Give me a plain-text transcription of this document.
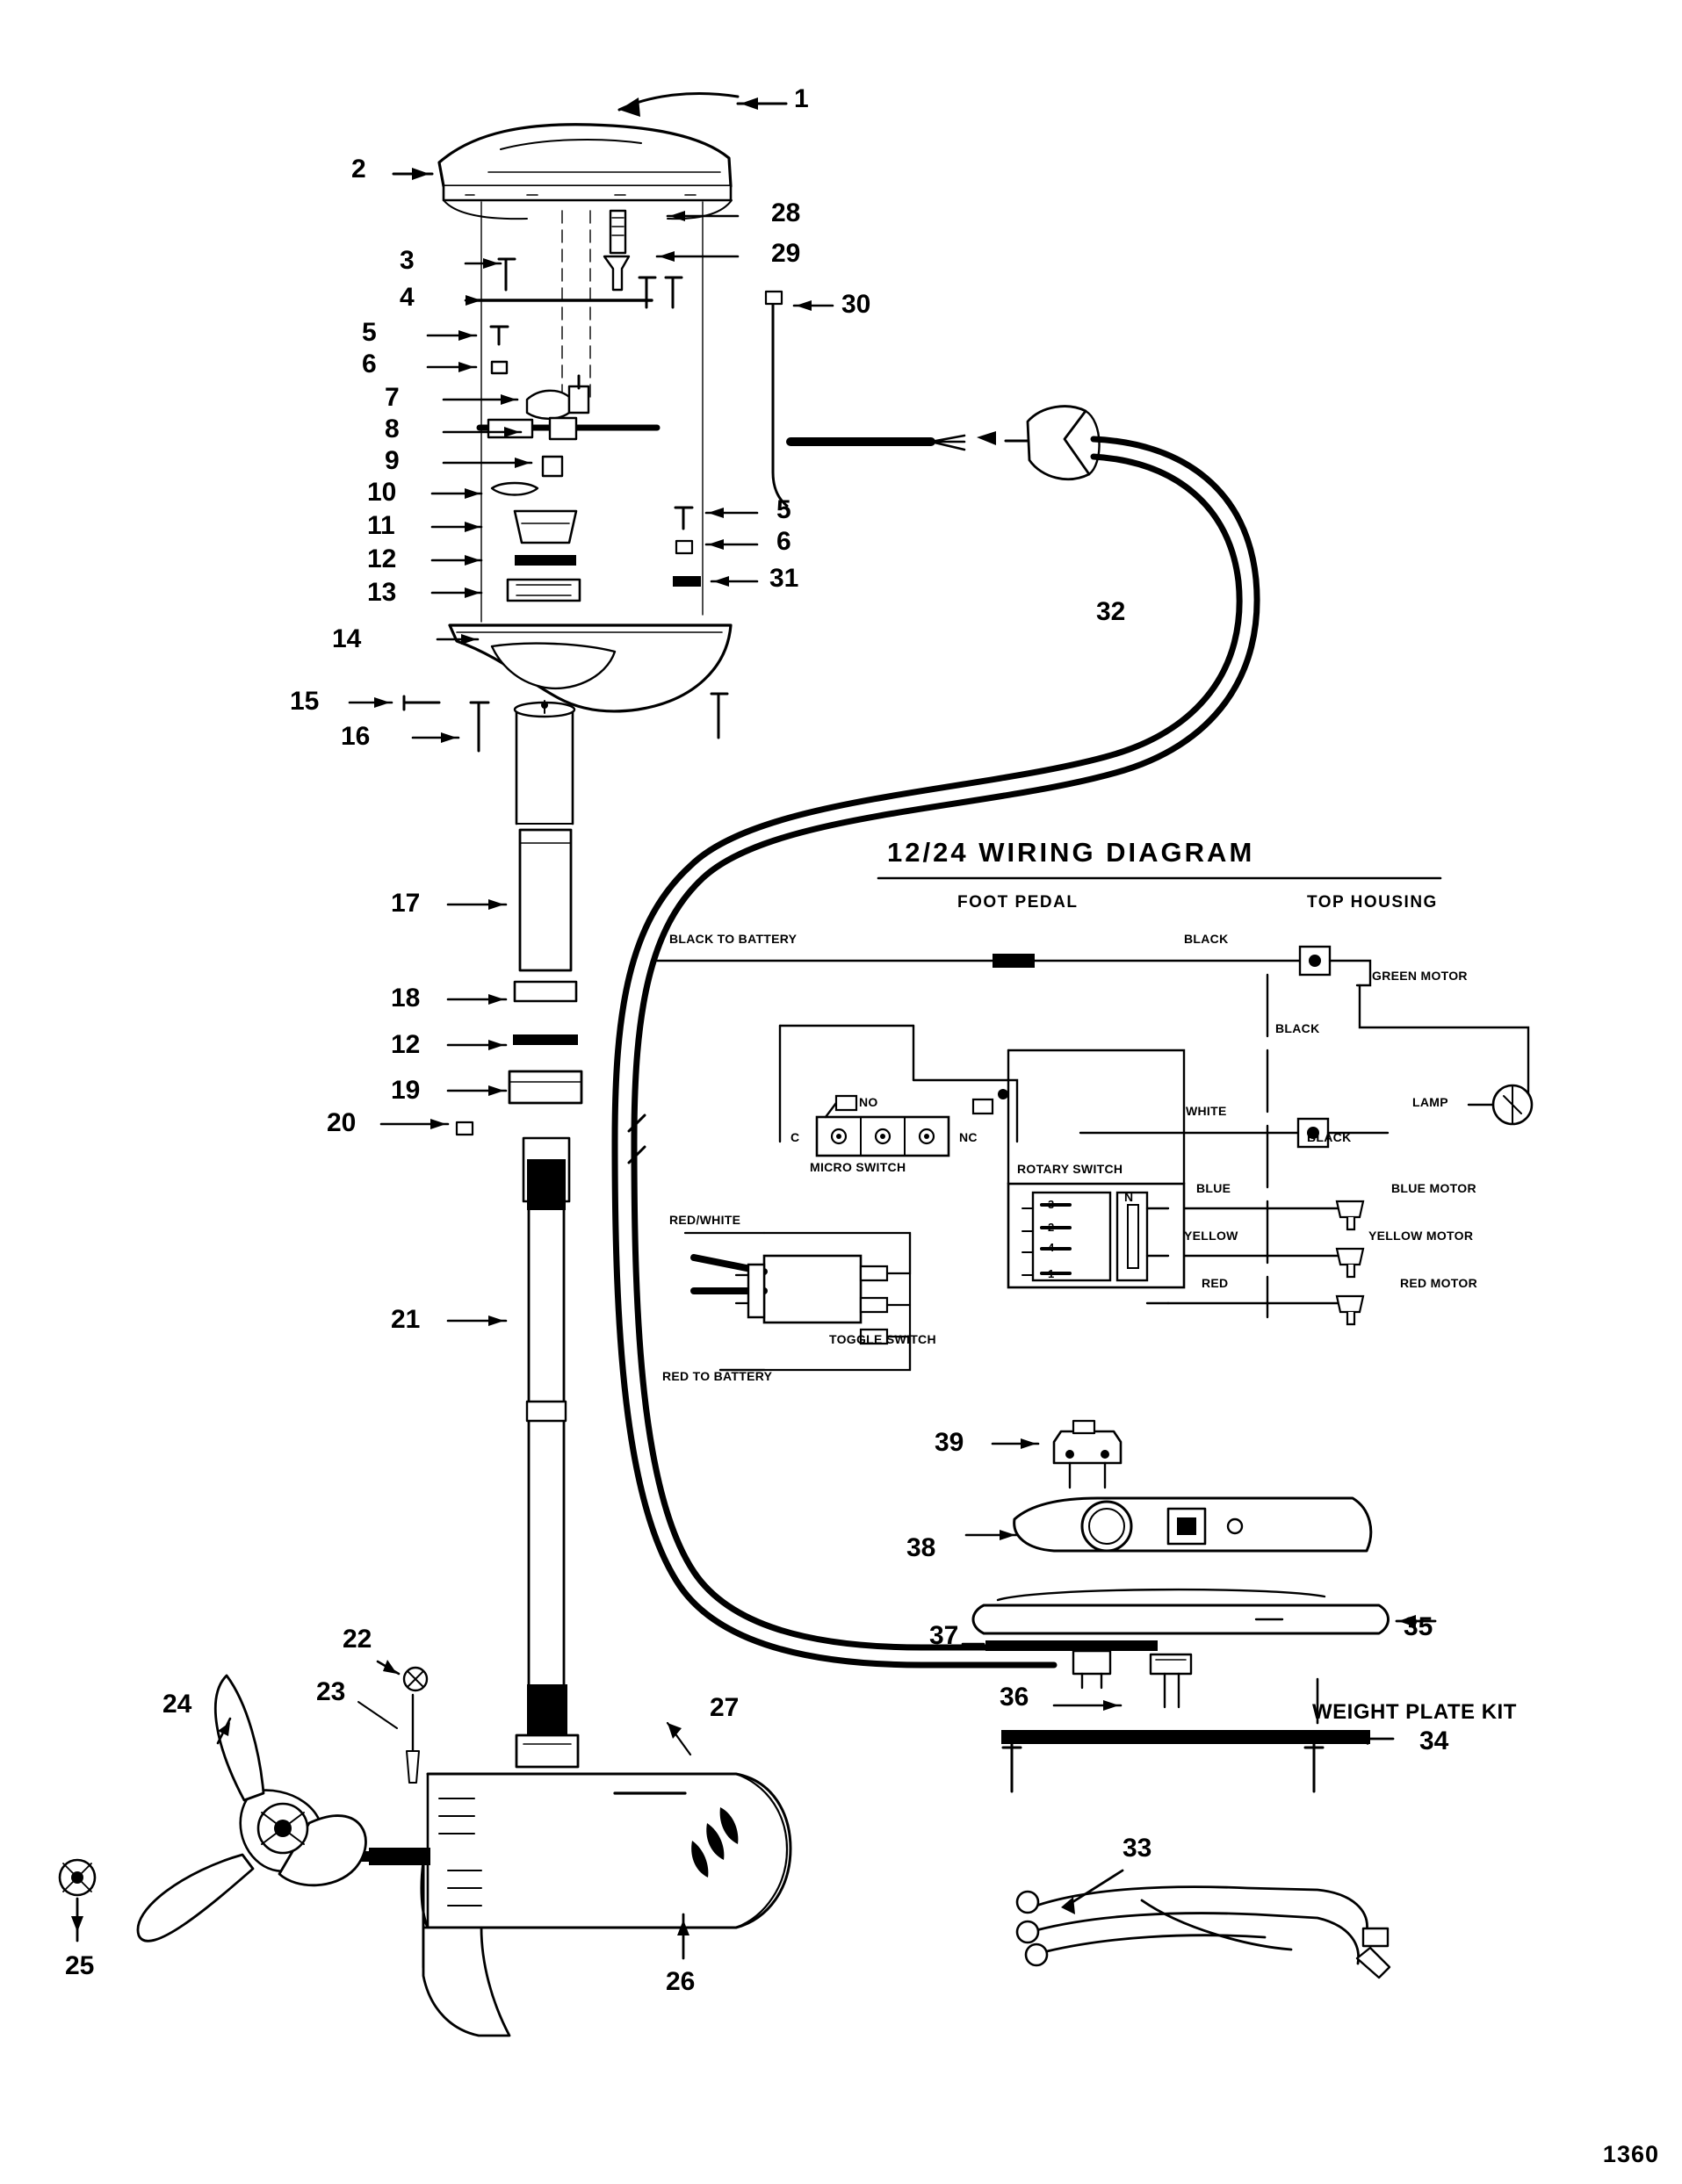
1
2
3
4
5
6
7
8
9
10
11
12
13
14
15
16
17
18
12
19
20
21
22
23
24
25
26
27
28
29
30
5
6
31
32
33
34
35
36
37
38
39
12/24 WIRING DIAGRAM
FOOT PEDAL	TOP HOUSING
BLACK TO BATTERY	BLACK
GREEN MOTOR
BLACK
WHITE
LAMP
BLACK
BLUE	BLUE MOTOR
YELLOW	YELLOW MOTOR
RED	RED MOTOR
NO
NC
C
MICRO SWITCH	ROTARY SWITCH
N
3
2
4
1
RED/WHITE
TOGGLE SWITCH
RED TO BATTERY
WEIGHT PLATE KIT
1360
